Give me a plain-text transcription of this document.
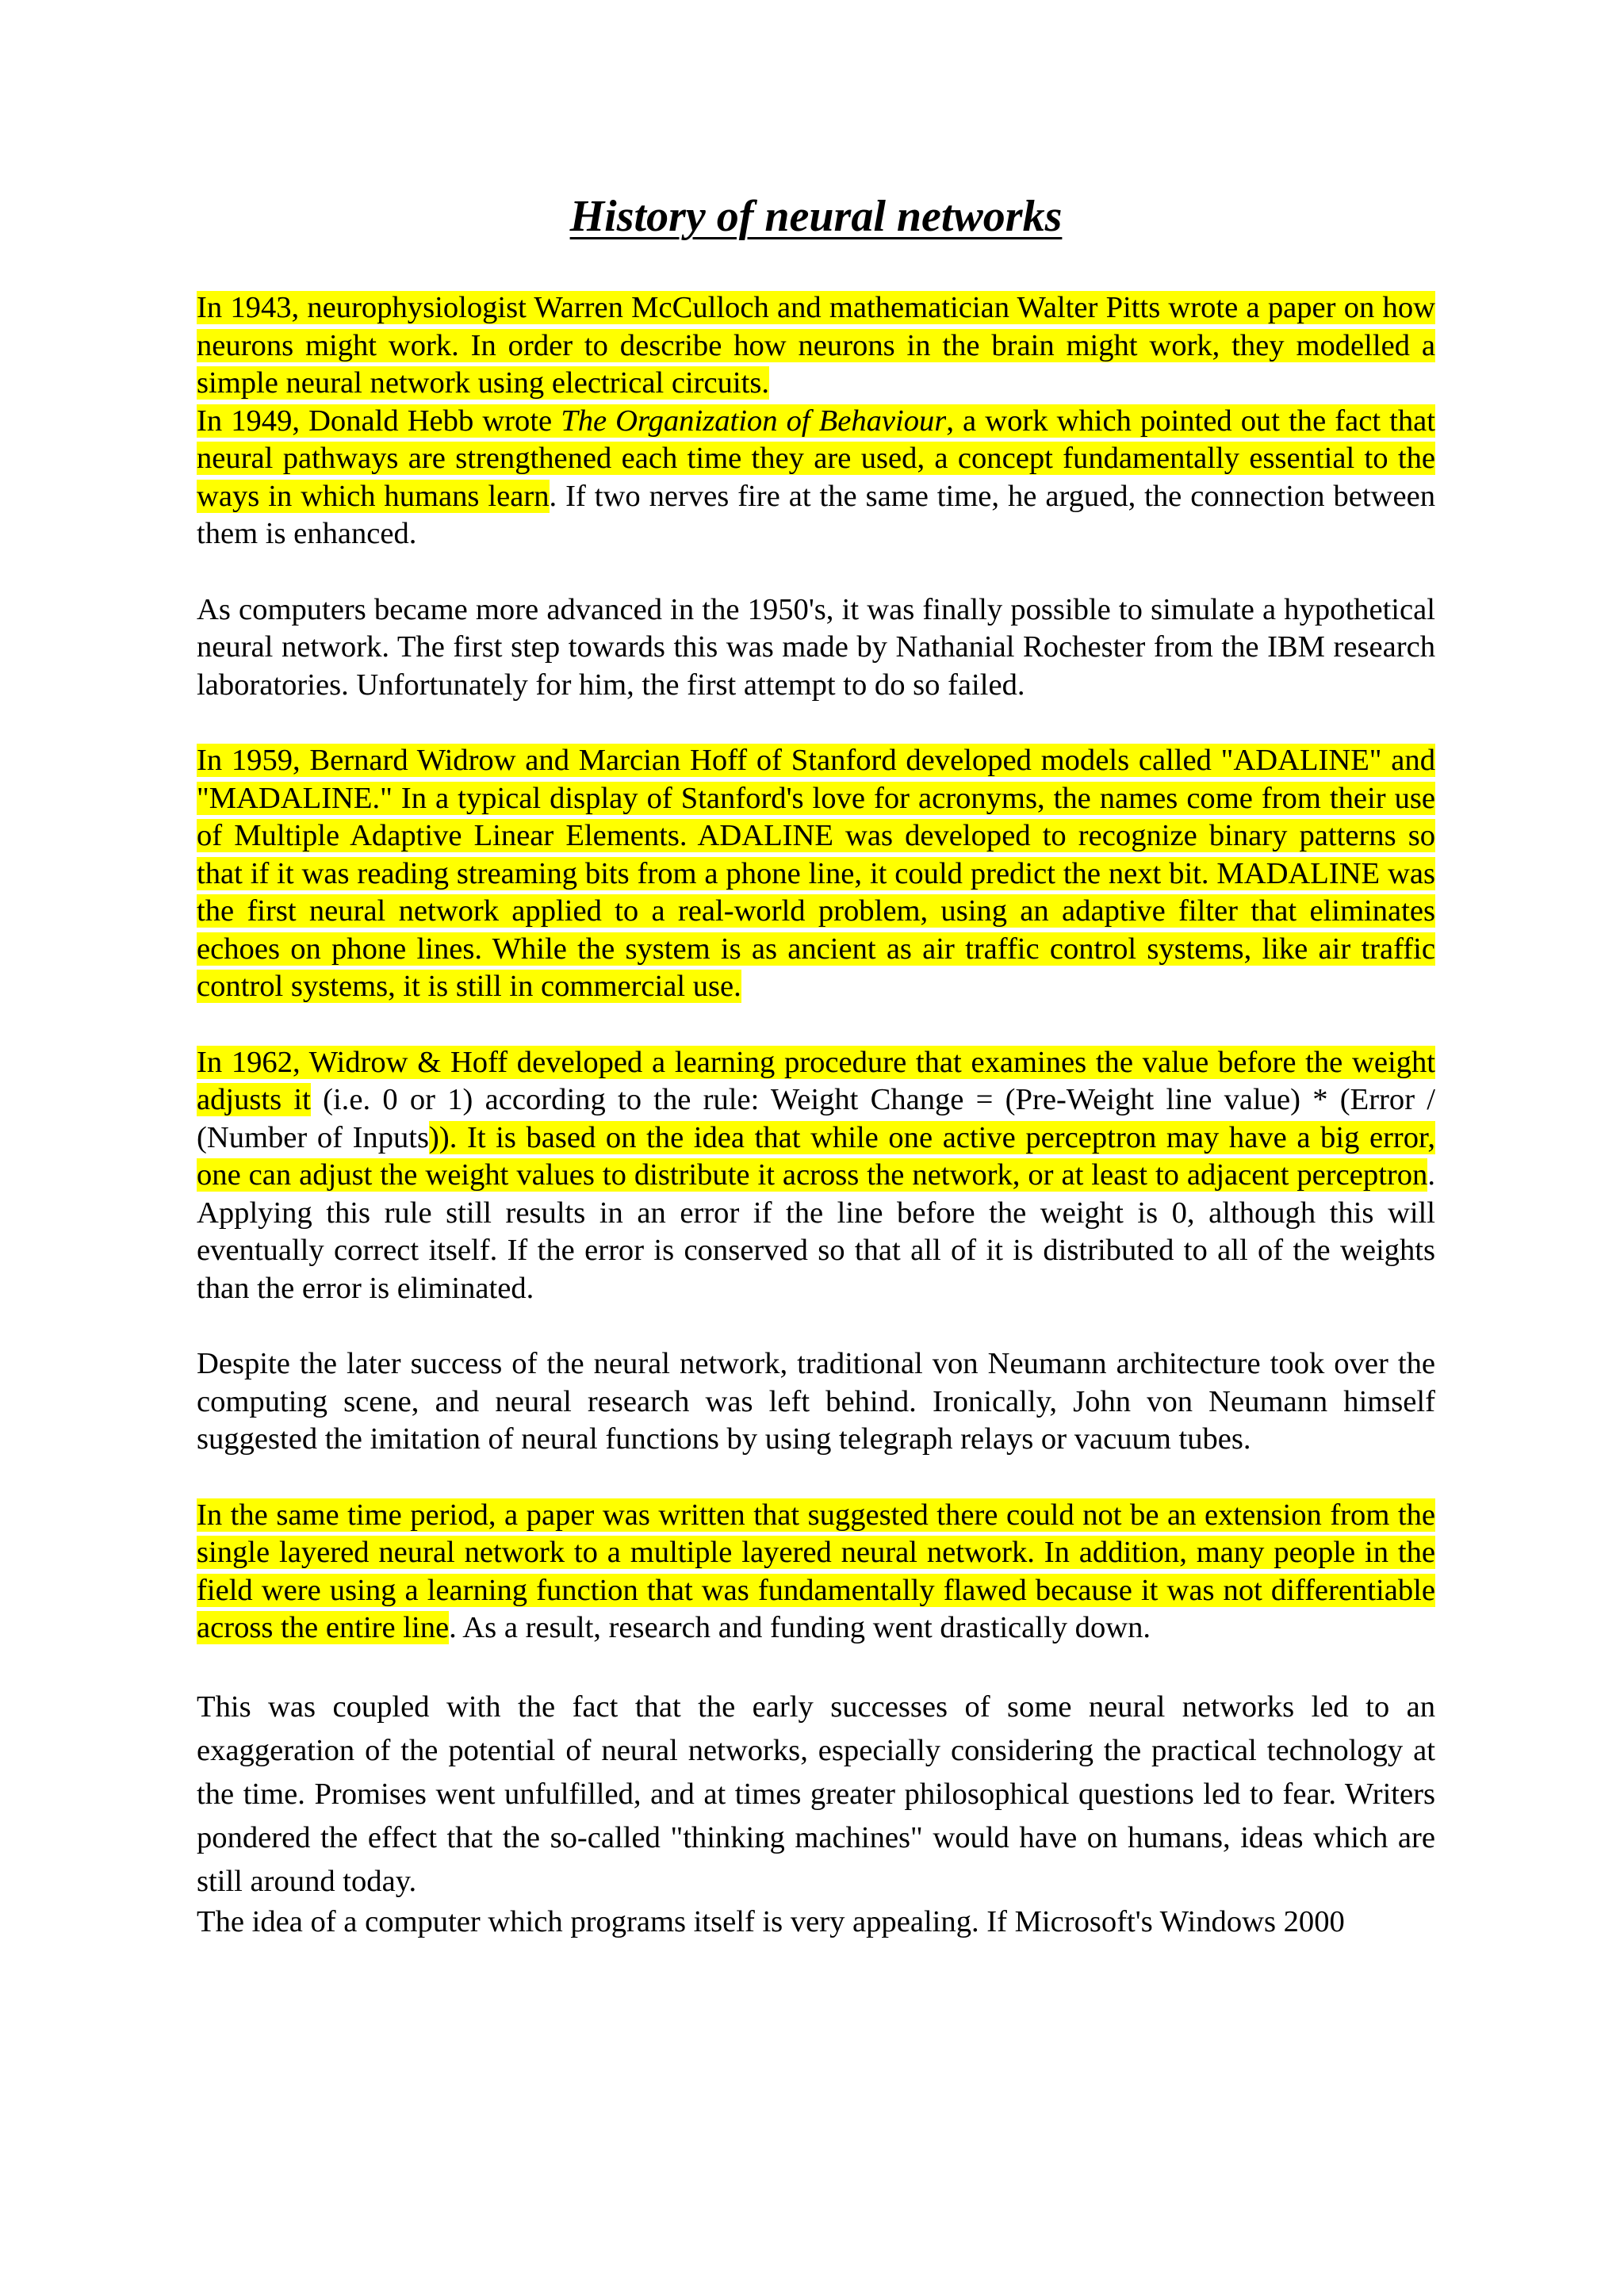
History of neural networks

In 1943, neurophysiologist Warren McCulloch and mathematician Walter Pitts wrote a paper on how neurons might work. In order to describe how neurons in the brain might work, they modelled a simple neural network using electrical circuits.

In 1949, Donald Hebb wrote The Organization of Behaviour, a work which pointed out the fact that neural pathways are strengthened each time they are used, a concept fundamentally essential to the ways in which humans learn. If two nerves fire at the same time, he argued, the connection between them is enhanced.

As computers became more advanced in the 1950's, it was finally possible to simulate a hypothetical neural network. The first step towards this was made by Nathanial Rochester from the IBM research laboratories. Unfortunately for him, the first attempt to do so failed.

In 1959, Bernard Widrow and Marcian Hoff of Stanford developed models called "ADALINE" and "MADALINE." In a typical display of Stanford's love for acronyms, the names come from their use of Multiple Adaptive Linear Elements. ADALINE was developed to recognize binary patterns so that if it was reading streaming bits from a phone line, it could predict the next bit. MADALINE was the first neural network applied to a real-world problem, using an adaptive filter that eliminates echoes on phone lines. While the system is as ancient as air traffic control systems, like air traffic control systems, it is still in commercial use.

In 1962, Widrow & Hoff developed a learning procedure that examines the value before the weight adjusts it (i.e. 0 or 1) according to the rule: Weight Change = (Pre-Weight line value) * (Error / (Number of Inputs)). It is based on the idea that while one active perceptron may have a big error, one can adjust the weight values to distribute it across the network, or at least to adjacent perceptron. Applying this rule still results in an error if the line before the weight is 0, although this will eventually correct itself. If the error is conserved so that all of it is distributed to all of the weights than the error is eliminated.

Despite the later success of the neural network, traditional von Neumann architecture took over the computing scene, and neural research was left behind. Ironically, John von Neumann himself suggested the imitation of neural functions by using telegraph relays or vacuum tubes.

In the same time period, a paper was written that suggested there could not be an extension from the single layered neural network to a multiple layered neural network. In addition, many people in the field were using a learning function that was fundamentally flawed because it was not differentiable across the entire line. As a result, research and funding went drastically down.

This was coupled with the fact that the early successes of some neural networks led to an exaggeration of the potential of neural networks, especially considering the practical technology at the time. Promises went unfulfilled, and at times greater philosophical questions led to fear. Writers pondered the effect that the so-called "thinking machines" would have on humans, ideas which are still around today.

The idea of a computer which programs itself is very appealing. If Microsoft's Windows 2000
